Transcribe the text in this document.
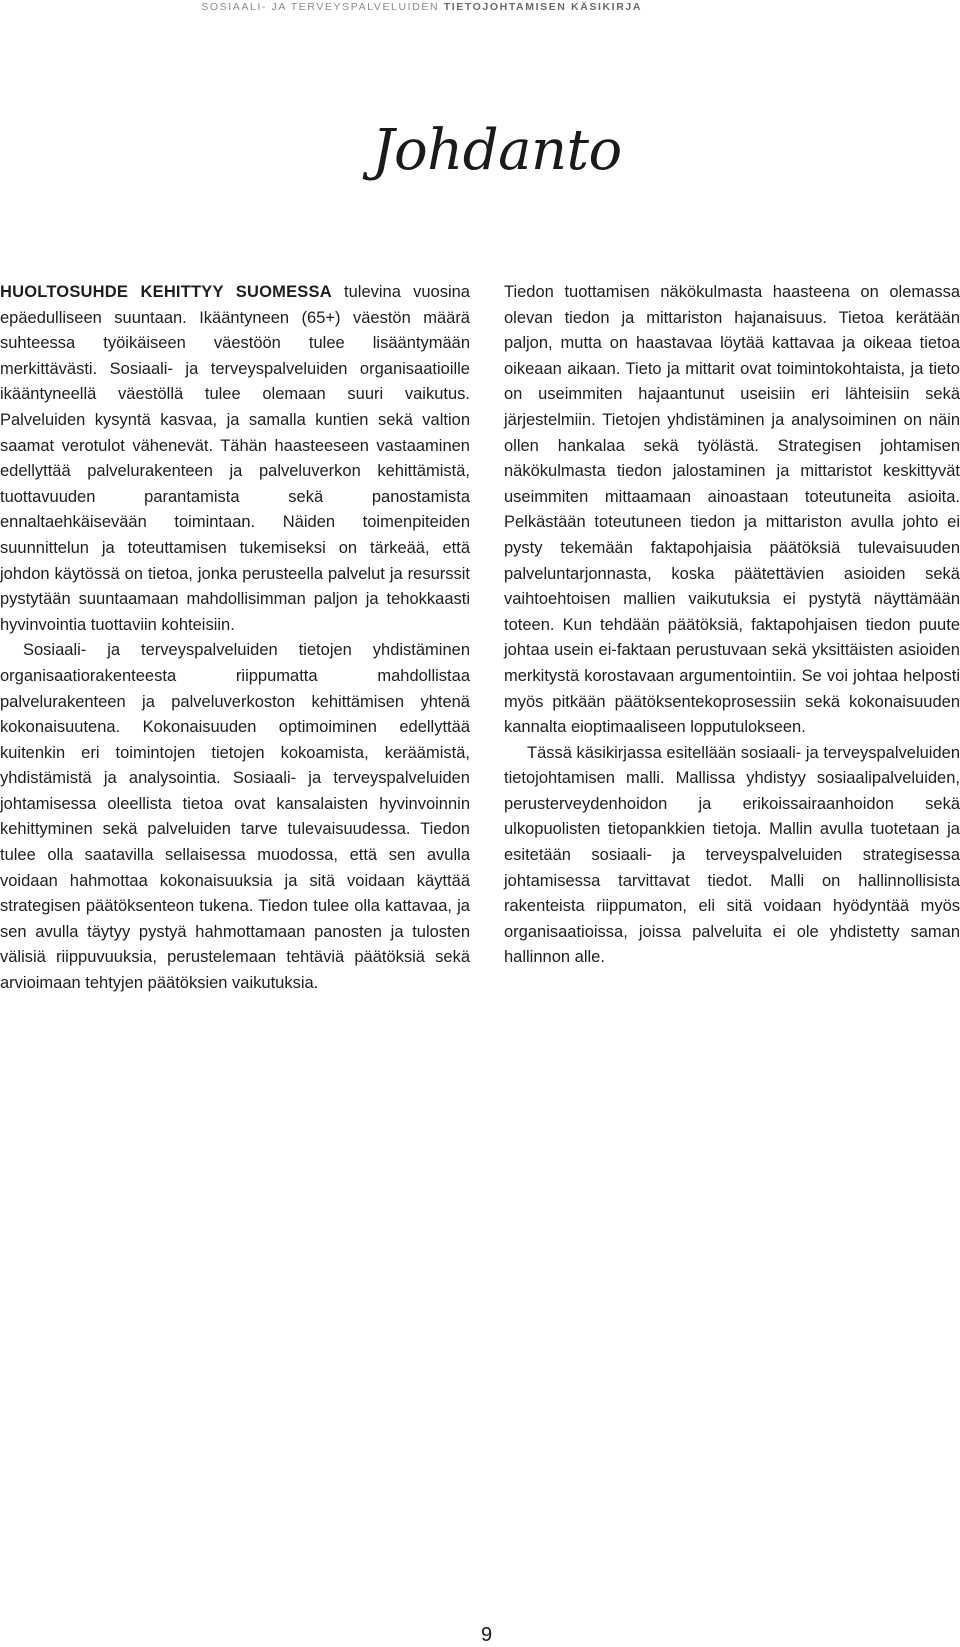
SOSIAALI- JA TERVEYSPALVELUIDEN TIETOJOHTAMISEN KÄSIKIRJA
Johdanto

HUOLTOSUHDE KEHITTYY SUOMESSA tulevina vuosina epäedulliseen suuntaan. Ikääntyneen (65+) väestön määrä suhteessa työikäiseen väestöön tulee lisääntymään merkittävästi. Sosiaali- ja terveyspalveluiden organisaatioille ikääntyneellä väestöllä tulee olemaan suuri vaikutus. Palveluiden kysyntä kasvaa, ja samalla kuntien sekä valtion saamat verotulot vähenevät. Tähän haasteeseen vastaaminen edellyttää palvelurakenteen ja palveluverkon kehittämistä, tuottavuuden parantamista sekä panostamista ennaltaehkäisevään toimintaan. Näiden toimenpiteiden suunnittelun ja toteuttamisen tukemiseksi on tärkeää, että johdon käytössä on tietoa, jonka perusteella palvelut ja resurssit pystytään suuntaamaan mahdollisimman paljon ja tehokkaasti hyvinvointia tuottaviin kohteisiin.

Sosiaali- ja terveyspalveluiden tietojen yhdistäminen organisaatiorakenteesta riippumatta mahdollistaa palvelurakenteen ja palveluverkoston kehittämisen yhtenä kokonaisuutena. Kokonaisuuden optimoiminen edellyttää kuitenkin eri toimintojen tietojen kokoamista, keräämistä, yhdistämistä ja analysointia. Sosiaali- ja terveyspalveluiden johtamisessa oleellista tietoa ovat kansalaisten hyvinvoinnin kehittyminen sekä palveluiden tarve tulevaisuudessa. Tiedon tulee olla saatavilla sellaisessa muodossa, että sen avulla voidaan hahmottaa kokonaisuuksia ja sitä voidaan käyttää strategisen päätöksenteon tukena. Tiedon tulee olla kattavaa, ja sen avulla täytyy pystyä hahmottamaan panosten ja tulosten välisiä riippuvuuksia, perustelemaan tehtäviä päätöksiä sekä arvioimaan tehtyjen päätöksien vaikutuksia.

Tiedon tuottamisen näkökulmasta haasteena on olemassa olevan tiedon ja mittariston hajanaisuus. Tietoa kerätään paljon, mutta on haastavaa löytää kattavaa ja oikeaa tietoa oikeaan aikaan. Tieto ja mittarit ovat toimintokohtaista, ja tieto on useimmiten hajaantunut useisiin eri lähteisiin sekä järjestelmiin. Tietojen yhdistäminen ja analysoiminen on näin ollen hankalaa sekä työlästä. Strategisen johtamisen näkökulmasta tiedon jalostaminen ja mittaristot keskittyvät useimmiten mittaamaan ainoastaan toteutuneita asioita. Pelkästään toteutuneen tiedon ja mittariston avulla johto ei pysty tekemään faktapohjaisia päätöksiä tulevaisuuden palveluntarjonnasta, koska päätettävien asioiden sekä vaihtoehtoisen mallien vaikutuksia ei pystytä näyttämään toteen. Kun tehdään päätöksiä, faktapohjaisen tiedon puute johtaa usein ei-faktaan perustuvaan sekä yksittäisten asioiden merkitystä korostavaan argumentointiin. Se voi johtaa helposti myös pitkään päätöksentekoprosessiin sekä kokonaisuuden kannalta eioptimaaliseen lopputulokseen.

Tässä käsikirjassa esitellään sosiaali- ja terveyspalveluiden tietojohtamisen malli. Mallissa yhdistyy sosiaalipalveluiden, perusterveydenhoidon ja erikoissairaanhoidon sekä ulkopuolisten tietopankkien tietoja. Mallin avulla tuotetaan ja esitetään sosiaali- ja terveyspalveluiden strategisessa johtamisessa tarvittavat tiedot. Malli on hallinnollisista rakenteista riippumaton, eli sitä voidaan hyödyntää myös organisaatioissa, joissa palveluita ei ole yhdistetty saman hallinnon alle.

9
